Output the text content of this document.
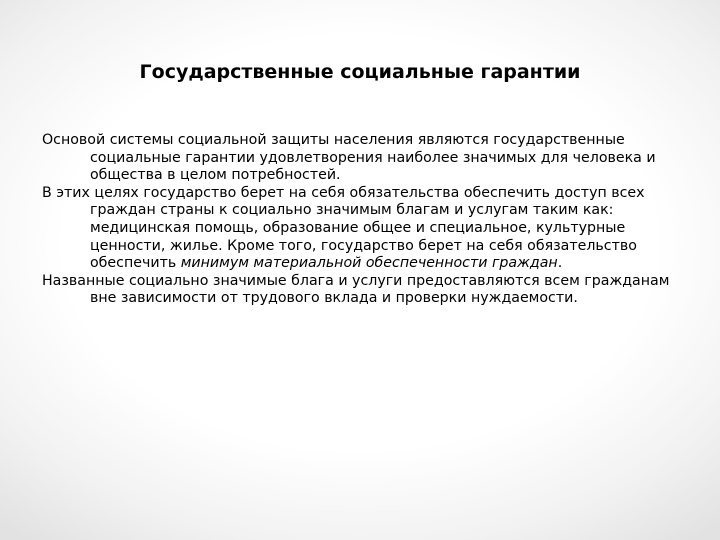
Государственные социальные гарантии

Основой системы социальной защиты населения являются государственные социальные гарантии удовлетворения наиболее значимых для человека и общества в целом потребностей.

В этих целях государство берет на себя обязательства обеспечить доступ всех граждан страны к социально значимым благам и услугам таким как: медицинская помощь, образование общее и специальное, культурные ценности, жилье. Кроме того, государство берет на себя обязательство обеспечить минимум материальной обеспеченности граждан.

Названные социально значимые блага и услуги предоставляются всем гражданам вне зависимости от трудового вклада и проверки нуждаемости.
